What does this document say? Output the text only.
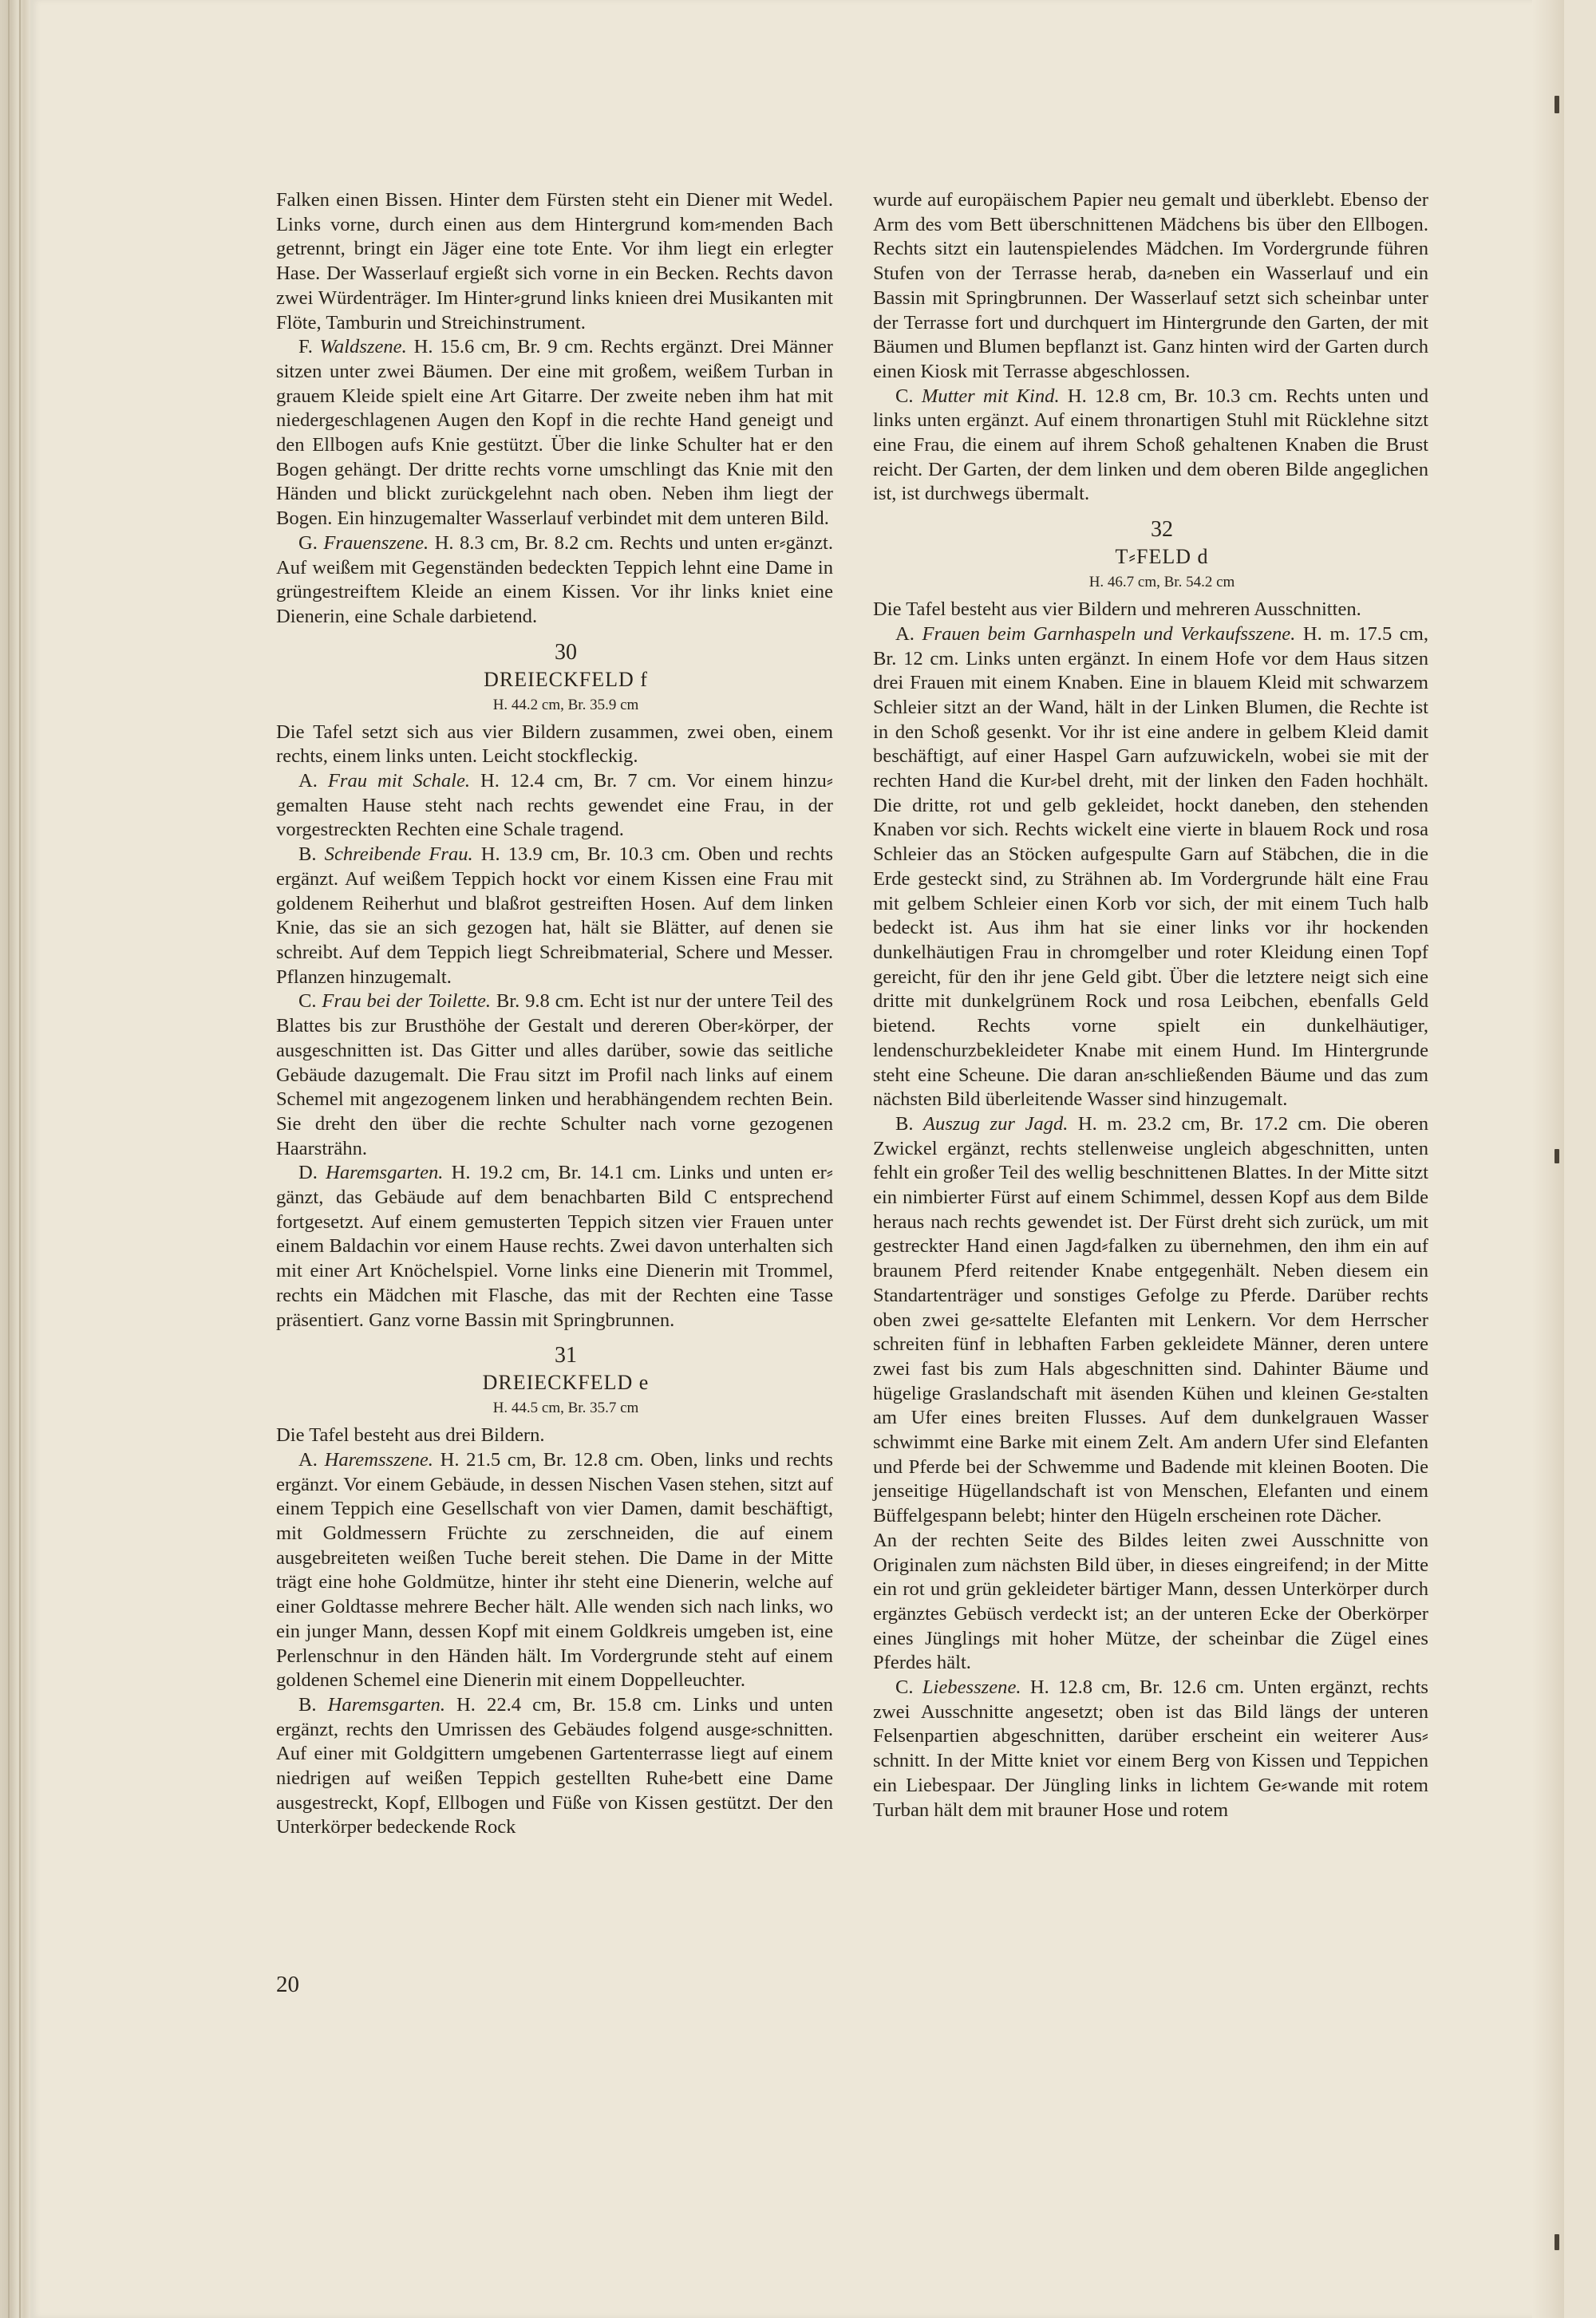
Falken einen Bissen. Hinter dem Fürsten steht ein Diener mit Wedel. Links vorne, durch einen aus dem Hintergrund kom⸗menden Bach getrennt, bringt ein Jäger eine tote Ente. Vor ihm liegt ein erlegter Hase. Der Wasserlauf ergießt sich vorne in ein Becken. Rechts davon zwei Würdenträger. Im Hinter⸗grund links knieen drei Musikanten mit Flöte, Tamburin und Streichinstrument.

F. Waldszene. H. 15.6 cm, Br. 9 cm. Rechts ergänzt. Drei Männer sitzen unter zwei Bäumen. Der eine mit großem, weißem Turban in grauem Kleide spielt eine Art Gitarre. Der zweite neben ihm hat mit niedergeschlagenen Augen den Kopf in die rechte Hand geneigt und den Ellbogen aufs Knie gestützt. Über die linke Schulter hat er den Bogen gehängt. Der dritte rechts vorne umschlingt das Knie mit den Händen und blickt zurückgelehnt nach oben. Neben ihm liegt der Bogen. Ein hinzugemalter Wasserlauf verbindet mit dem unteren Bild.

G. Frauenszene. H. 8.3 cm, Br. 8.2 cm. Rechts und unten er⸗gänzt. Auf weißem mit Gegenständen bedeckten Teppich lehnt eine Dame in grüngestreiftem Kleide an einem Kissen. Vor ihr links kniet eine Dienerin, eine Schale darbietend.

30

DREIECKFELD f

H. 44.2 cm, Br. 35.9 cm

Die Tafel setzt sich aus vier Bildern zusammen, zwei oben, einem rechts, einem links unten. Leicht stockfleckig.

A. Frau mit Schale. H. 12.4 cm, Br. 7 cm. Vor einem hinzu⸗gemalten Hause steht nach rechts gewendet eine Frau, in der vorgestreckten Rechten eine Schale tragend.

B. Schreibende Frau. H. 13.9 cm, Br. 10.3 cm. Oben und rechts ergänzt. Auf weißem Teppich hockt vor einem Kissen eine Frau mit goldenem Reiherhut und blaßrot gestreiften Hosen. Auf dem linken Knie, das sie an sich gezogen hat, hält sie Blätter, auf denen sie schreibt. Auf dem Teppich liegt Schreibmaterial, Schere und Messer. Pflanzen hinzugemalt.

C. Frau bei der Toilette. Br. 9.8 cm. Echt ist nur der untere Teil des Blattes bis zur Brusthöhe der Gestalt und dereren Ober⸗körper, der ausgeschnitten ist. Das Gitter und alles darüber, sowie das seitliche Gebäude dazugemalt. Die Frau sitzt im Profil nach links auf einem Schemel mit angezogenem linken und herabhängendem rechten Bein. Sie dreht den über die rechte Schulter nach vorne gezogenen Haarsträhn.

D. Haremsgarten. H. 19.2 cm, Br. 14.1 cm. Links und unten er⸗gänzt, das Gebäude auf dem benachbarten Bild C entsprechend fortgesetzt. Auf einem gemusterten Teppich sitzen vier Frauen unter einem Baldachin vor einem Hause rechts. Zwei davon unterhalten sich mit einer Art Knöchelspiel. Vorne links eine Dienerin mit Trommel, rechts ein Mädchen mit Flasche, das mit der Rechten eine Tasse präsentiert. Ganz vorne Bassin mit Springbrunnen.

31

DREIECKFELD e

H. 44.5 cm, Br. 35.7 cm

Die Tafel besteht aus drei Bildern.

A. Haremsszene. H. 21.5 cm, Br. 12.8 cm. Oben, links und rechts ergänzt. Vor einem Gebäude, in dessen Nischen Vasen stehen, sitzt auf einem Teppich eine Gesellschaft von vier Damen, damit beschäftigt, mit Goldmessern Früchte zu zerschneiden, die auf einem ausgebreiteten weißen Tuche bereit stehen. Die Dame in der Mitte trägt eine hohe Goldmütze, hinter ihr steht eine Dienerin, welche auf einer Goldtasse mehrere Becher hält. Alle wenden sich nach links, wo ein junger Mann, dessen Kopf mit einem Goldkreis umgeben ist, eine Perlenschnur in den Händen hält. Im Vordergrunde steht auf einem goldenen Schemel eine Dienerin mit einem Doppelleuchter.

B. Haremsgarten. H. 22.4 cm, Br. 15.8 cm. Links und unten ergänzt, rechts den Umrissen des Gebäudes folgend ausge⸗schnitten. Auf einer mit Goldgittern umgebenen Gartenterrasse liegt auf einem niedrigen auf weißen Teppich gestellten Ruhe⸗bett eine Dame ausgestreckt, Kopf, Ellbogen und Füße von Kissen gestützt. Der den Unterkörper bedeckende Rock

wurde auf europäischem Papier neu gemalt und überklebt. Ebenso der Arm des vom Bett überschnittenen Mädchens bis über den Ellbogen. Rechts sitzt ein lautenspielendes Mädchen. Im Vordergrunde führen Stufen von der Terrasse herab, da⸗neben ein Wasserlauf und ein Bassin mit Springbrunnen. Der Wasserlauf setzt sich scheinbar unter der Terrasse fort und durchquert im Hintergrunde den Garten, der mit Bäumen und Blumen bepflanzt ist. Ganz hinten wird der Garten durch einen Kiosk mit Terrasse abgeschlossen.

C. Mutter mit Kind. H. 12.8 cm, Br. 10.3 cm. Rechts unten und links unten ergänzt. Auf einem thronartigen Stuhl mit Rücklehne sitzt eine Frau, die einem auf ihrem Schoß gehaltenen Knaben die Brust reicht. Der Garten, der dem linken und dem oberen Bilde angeglichen ist, ist durchwegs übermalt.

32

T⸗FELD d

H. 46.7 cm, Br. 54.2 cm

Die Tafel besteht aus vier Bildern und mehreren Ausschnitten.

A. Frauen beim Garnhaspeln und Verkaufsszene. H. m. 17.5 cm, Br. 12 cm. Links unten ergänzt. In einem Hofe vor dem Haus sitzen drei Frauen mit einem Knaben. Eine in blauem Kleid mit schwarzem Schleier sitzt an der Wand, hält in der Linken Blumen, die Rechte ist in den Schoß gesenkt. Vor ihr ist eine andere in gelbem Kleid damit beschäftigt, auf einer Haspel Garn aufzuwickeln, wobei sie mit der rechten Hand die Kur⸗bel dreht, mit der linken den Faden hochhält. Die dritte, rot und gelb gekleidet, hockt daneben, den stehenden Knaben vor sich. Rechts wickelt eine vierte in blauem Rock und rosa Schleier das an Stöcken aufgespulte Garn auf Stäbchen, die in die Erde gesteckt sind, zu Strähnen ab. Im Vordergrunde hält eine Frau mit gelbem Schleier einen Korb vor sich, der mit einem Tuch halb bedeckt ist. Aus ihm hat sie einer links vor ihr hockenden dunkelhäutigen Frau in chromgelber und roter Kleidung einen Topf gereicht, für den ihr jene Geld gibt. Über die letztere neigt sich eine dritte mit dunkelgrünem Rock und rosa Leibchen, ebenfalls Geld bietend. Rechts vorne spielt ein dunkelhäutiger, lendenschurzbekleideter Knabe mit einem Hund. Im Hintergrunde steht eine Scheune. Die daran an⸗schließenden Bäume und das zum nächsten Bild überleitende Wasser sind hinzugemalt.

B. Auszug zur Jagd. H. m. 23.2 cm, Br. 17.2 cm. Die oberen Zwickel ergänzt, rechts stellenweise ungleich abgeschnitten, unten fehlt ein großer Teil des wellig beschnittenen Blattes. In der Mitte sitzt ein nimbierter Fürst auf einem Schimmel, dessen Kopf aus dem Bilde heraus nach rechts gewendet ist. Der Fürst dreht sich zurück, um mit gestreckter Hand einen Jagd⸗falken zu übernehmen, den ihm ein auf braunem Pferd reitender Knabe entgegenhält. Neben diesem ein Standartenträger und sonstiges Gefolge zu Pferde. Darüber rechts oben zwei ge⸗sattelte Elefanten mit Lenkern. Vor dem Herrscher schreiten fünf in lebhaften Farben gekleidete Männer, deren untere zwei fast bis zum Hals abgeschnitten sind. Dahinter Bäume und hügelige Graslandschaft mit äsenden Kühen und kleinen Ge⸗stalten am Ufer eines breiten Flusses. Auf dem dunkelgrauen Wasser schwimmt eine Barke mit einem Zelt. Am andern Ufer sind Elefanten und Pferde bei der Schwemme und Badende mit kleinen Booten. Die jenseitige Hügellandschaft ist von Menschen, Elefanten und einem Büffelgespann belebt; hinter den Hügeln erscheinen rote Dächer.

An der rechten Seite des Bildes leiten zwei Ausschnitte von Originalen zum nächsten Bild über, in dieses eingreifend; in der Mitte ein rot und grün gekleideter bärtiger Mann, dessen Unterkörper durch ergänztes Gebüsch verdeckt ist; an der unteren Ecke der Oberkörper eines Jünglings mit hoher Mütze, der scheinbar die Zügel eines Pferdes hält.

C. Liebesszene. H. 12.8 cm, Br. 12.6 cm. Unten ergänzt, rechts zwei Ausschnitte angesetzt; oben ist das Bild längs der unteren Felsenpartien abgeschnitten, darüber erscheint ein weiterer Aus⸗schnitt. In der Mitte kniet vor einem Berg von Kissen und Teppichen ein Liebespaar. Der Jüngling links in lichtem Ge⸗wande mit rotem Turban hält dem mit brauner Hose und rotem

20
